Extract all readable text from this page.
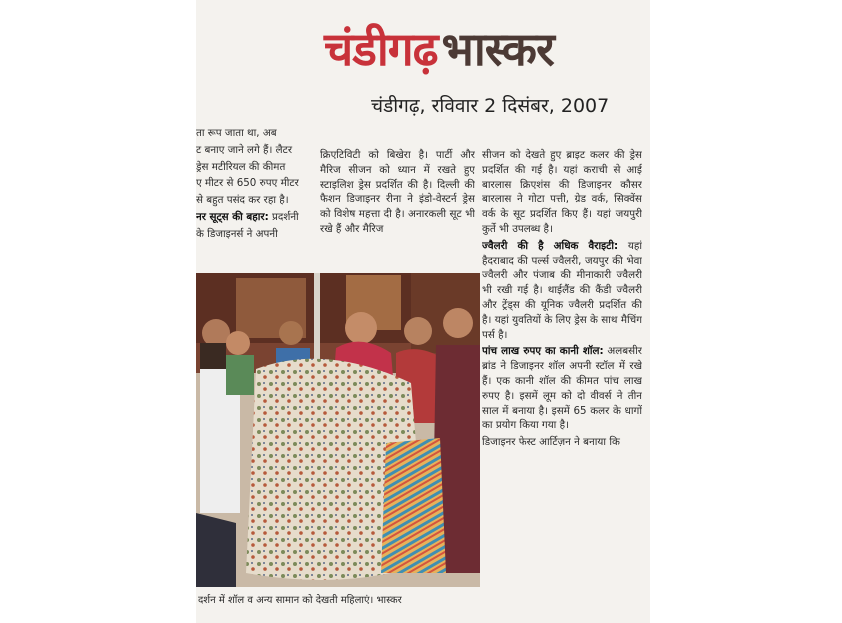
चंडीगढ़भास्कर
चंडीगढ़, रविवार 2 दिसंबर, 2007

ता रूप जाता था, अब

ट बनाए जाने लगे हैं। लैटर

ड्रेस मटीरियल की कीमत

ए मीटर से 650 रुपए मीटर

से बहुत पसंद कर रहा है।

नर सूट्स की बहार: प्रदर्शनी

के डिजाइनर्स ने अपनी

क्रिएटिविटी को बिखेरा है। पार्टी और मैरिज सीजन को ध्यान में रखते हुए स्टाइलिश ड्रेस प्रदर्शित की है। दिल्ली की फैशन डिजाइनर रीना ने इंडो-वेस्टर्न ड्रेस को विशेष महत्ता दी है। अनारकली सूट भी रखे हैं और मैरिज

सीजन को देखते हुए ब्राइट कलर की ड्रेस प्रदर्शित की गई है। यहां कराची से आई बारलास क्रिएशंस की डिजाइनर कौसर बारलास ने गोटा पत्ती, ग्रेड वर्क, सिक्वेंस वर्क के सूट प्रदर्शित किए हैं। यहां जयपुरी कुर्ते भी उपलब्ध है।

ज्वैलरी की है अधिक वैराइटी: यहां हैदराबाद की पर्ल्स ज्वैलरी, जयपुर की भेवा ज्वैलरी और पंजाब की मीनाकारी ज्वैलरी भी रखी गई है। थाईलैंड की कैंडी ज्वैलरी और ट्रेंड्स की यूनिक ज्वैलरी प्रदर्शित की है। यहां युवतियों के लिए ड्रेस के साथ मैचिंग पर्स है।

पांच लाख रुपए का कानी शॉल: अलबसीर ब्रांड ने डिजाइनर शॉल अपनी स्टॉल में रखे हैं। एक कानी शॉल की कीमत पांच लाख रुपए है। इसमें लूम को दो वीवर्स ने तीन साल में बनाया है। इसमें 65 कलर के धागों का प्रयोग किया गया है।

डिजाइनर फेस्ट आर्टिज़न ने बनाया कि

दर्शन में शॉल व अन्य सामान को देखती महिलाएं। भास्कर
